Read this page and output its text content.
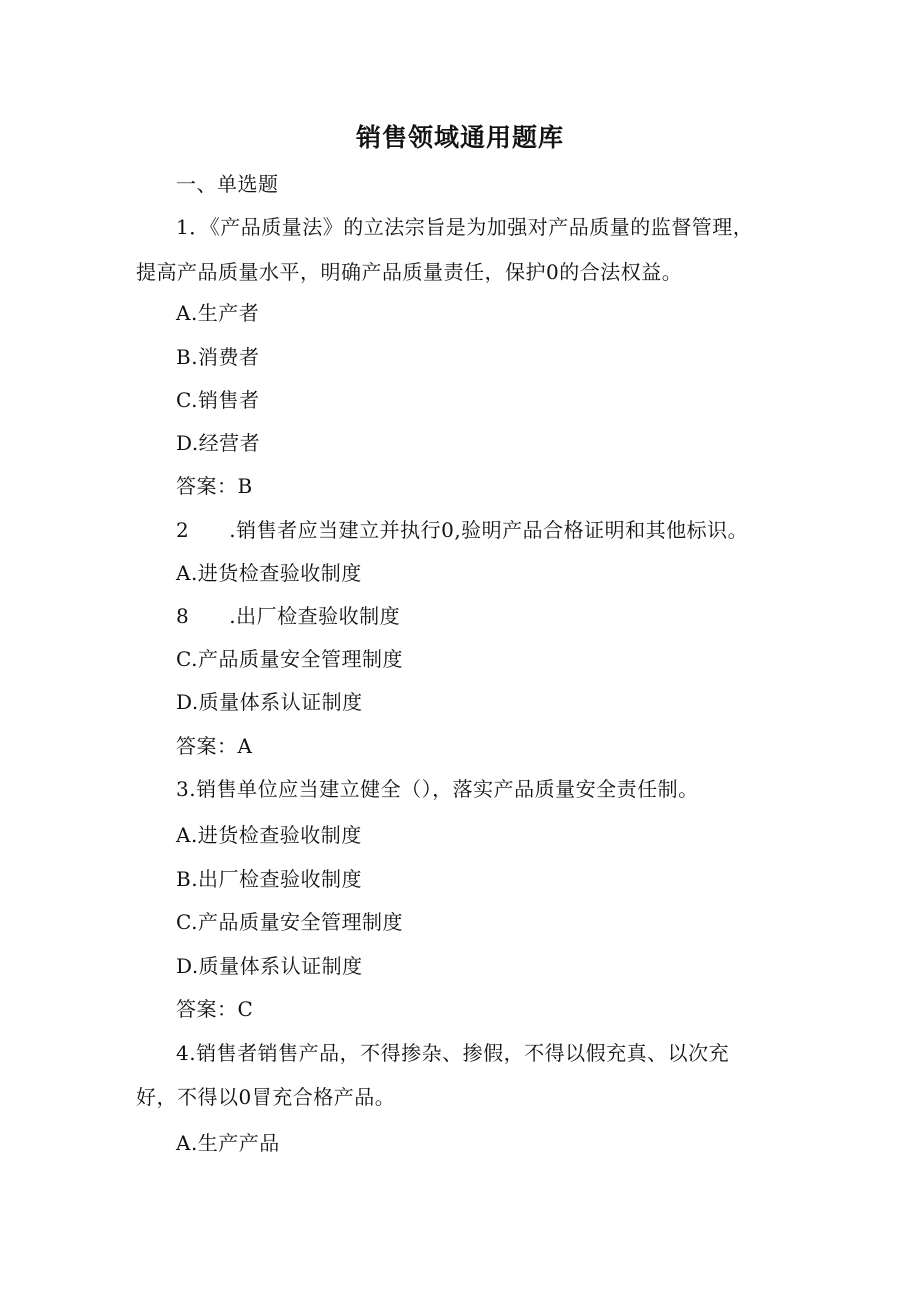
销售领域通用题库
一、单选题
1．《产品质量法》的立法宗旨是为加强对产品质量的监督管理，
提高产品质量水平，明确产品质量责任，保护0的合法权益。
A.生产者
B.消费者
C.销售者
D.经营者
答案：B
2 .销售者应当建立并执行0,验明产品合格证明和其他标识。
A.进货检查验收制度
8 .出厂检查验收制度
C.产品质量安全管理制度
D.质量体系认证制度
答案：A
3.销售单位应当建立健全（），落实产品质量安全责任制。
A.进货检查验收制度
B.出厂检查验收制度
C.产品质量安全管理制度
D.质量体系认证制度
答案：C
4.销售者销售产品，不得掺杂、掺假，不得以假充真、以次充
好，不得以0冒充合格产品。
A.生产产品
